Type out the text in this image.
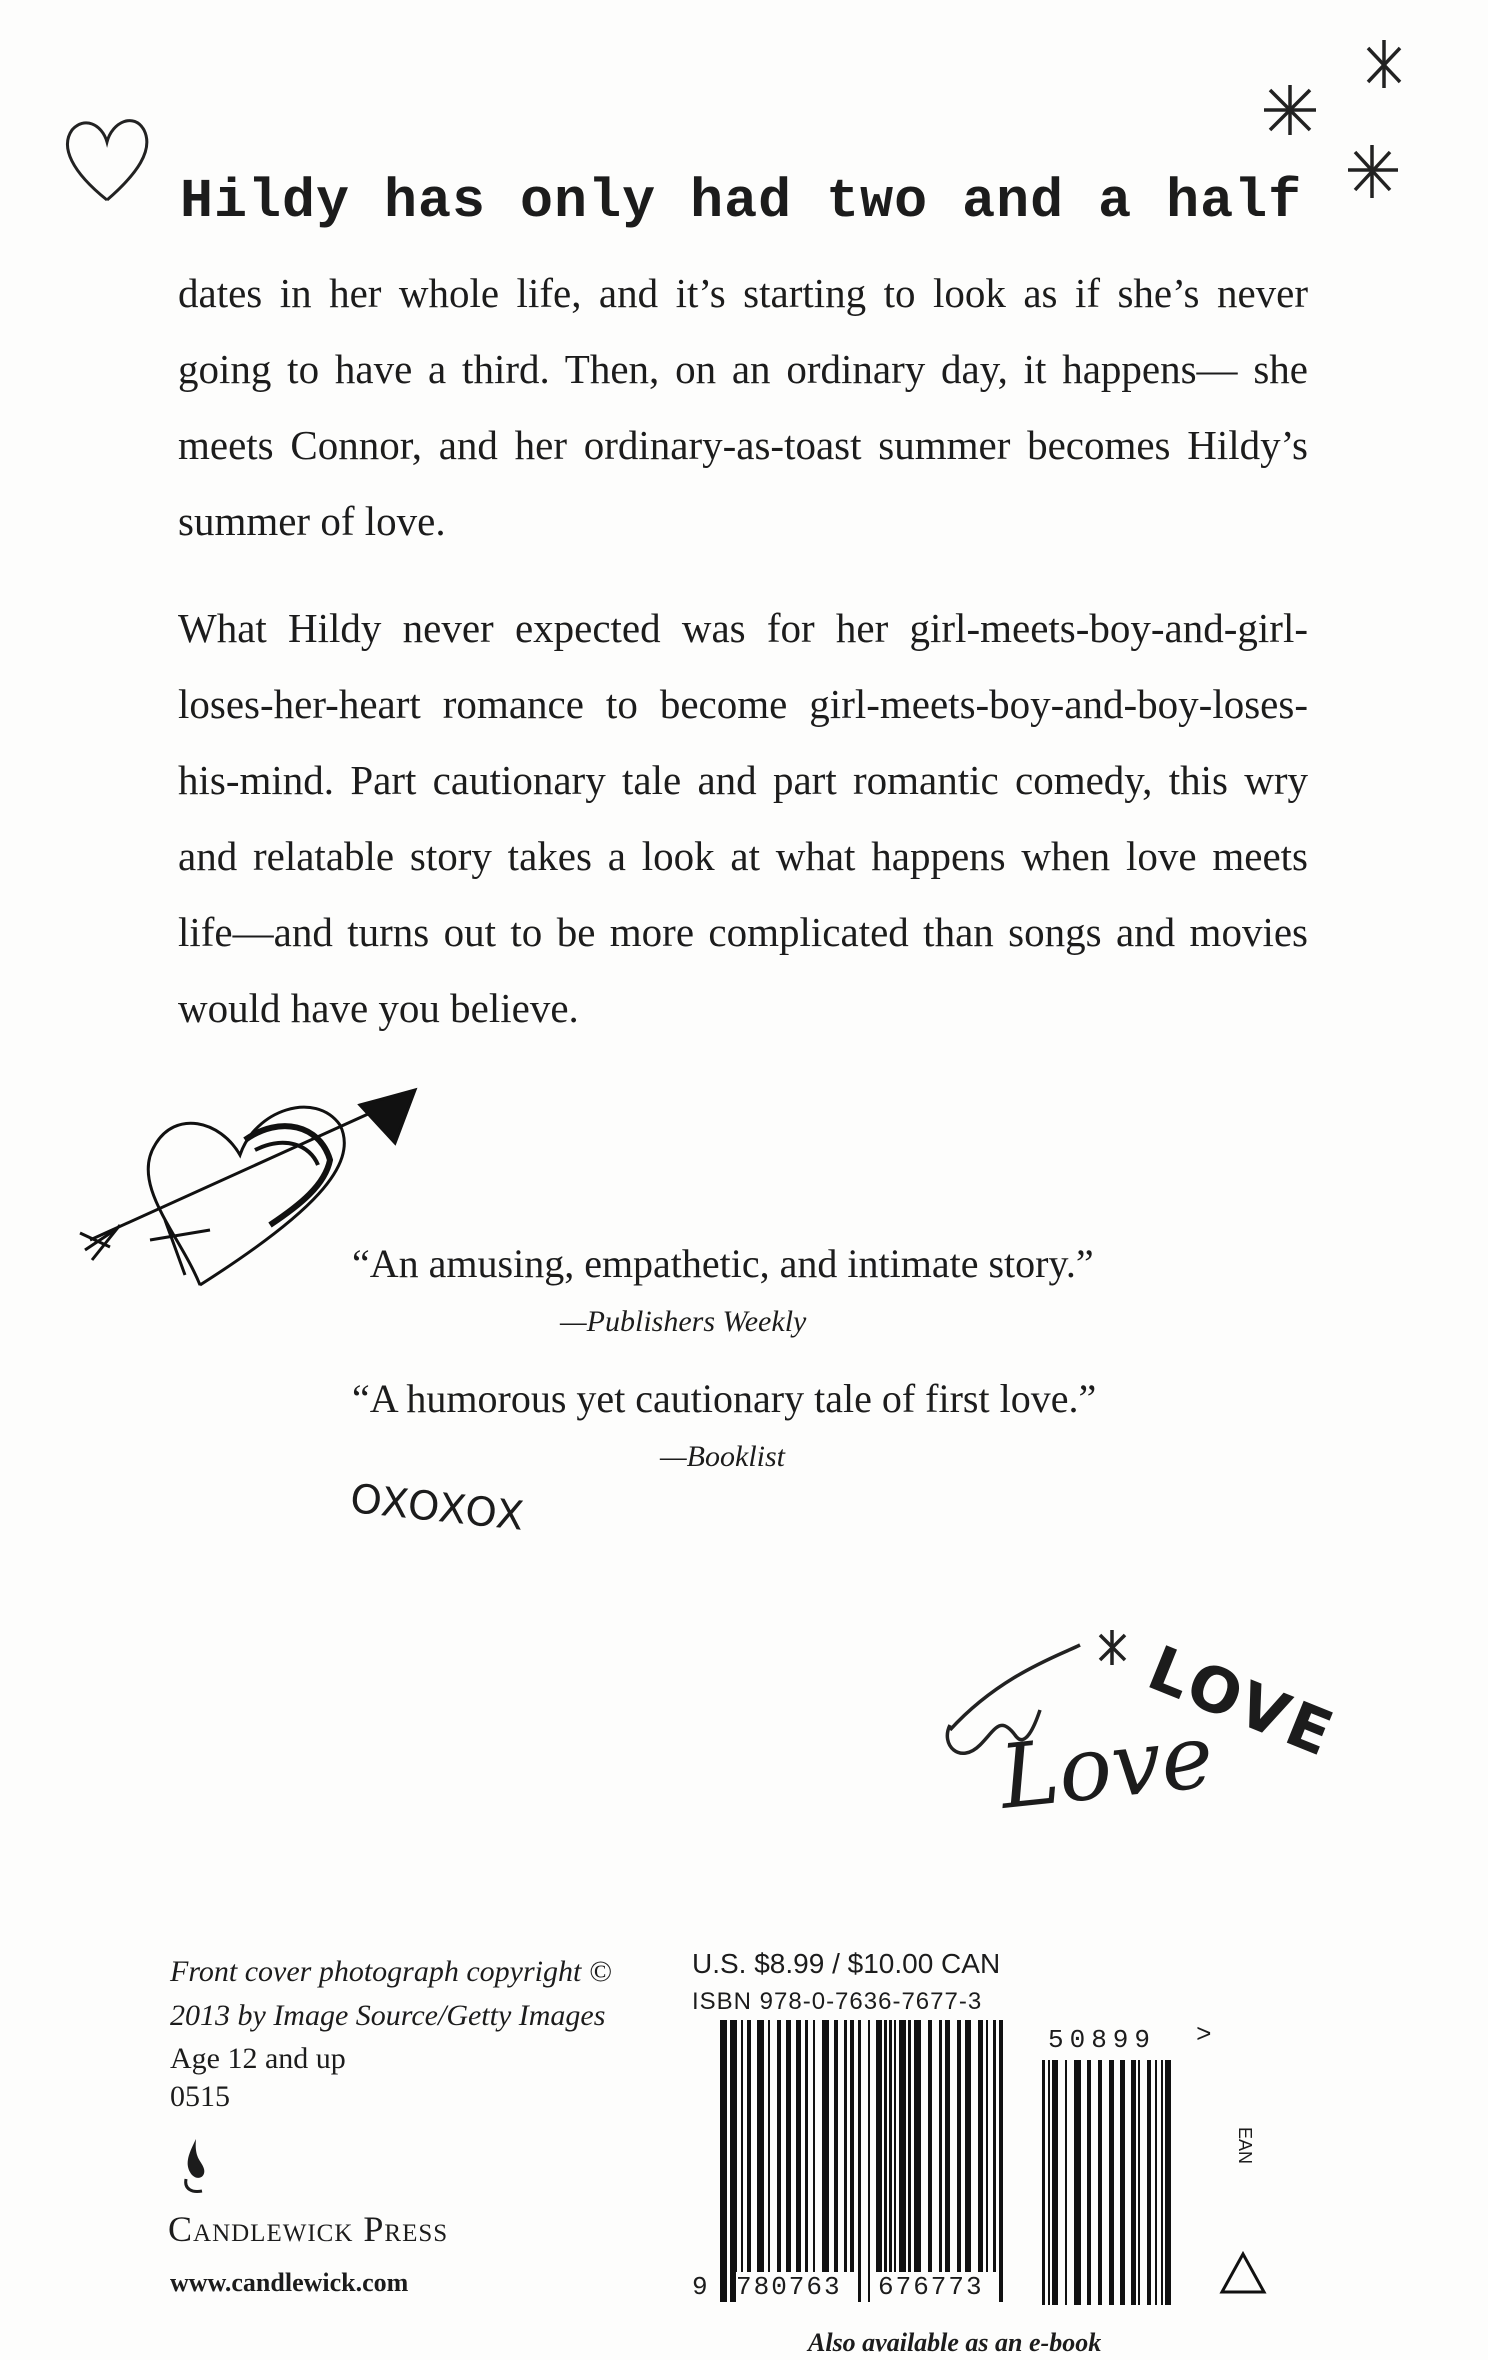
OXOXOX
LOVE
Love
Hildy has only had two and a half
dates in her whole life, and it’s starting to look as if she’s never going to have a third. Then, on an ordinary day, it happens— she meets Connor, and her ordinary-as-toast summer becomes Hildy’s summer of love.
What Hildy never expected was for her girl-meets-boy-and-girl-loses-her-heart romance to become girl-meets-boy-and-boy-loses-his-mind. Part cautionary tale and part romantic comedy, this wry and relatable story takes a look at what happens when love meets life—and turns out to be more complicated than songs and movies would have you believe.
“An amusing, empathetic, and intimate story.”
—Publishers Weekly
“A humorous yet cautionary tale of first love.”
—Booklist
Front cover photograph copyright ©
2013 by Image Source/Getty Images
Age 12 and up
0515
Candlewick Press
www.candlewick.com
U.S. $8.99 / $10.00 CAN
ISBN 978-0-7636-7677-3
9 780763 676773
50899 >
EAN
Also available as an e-book
